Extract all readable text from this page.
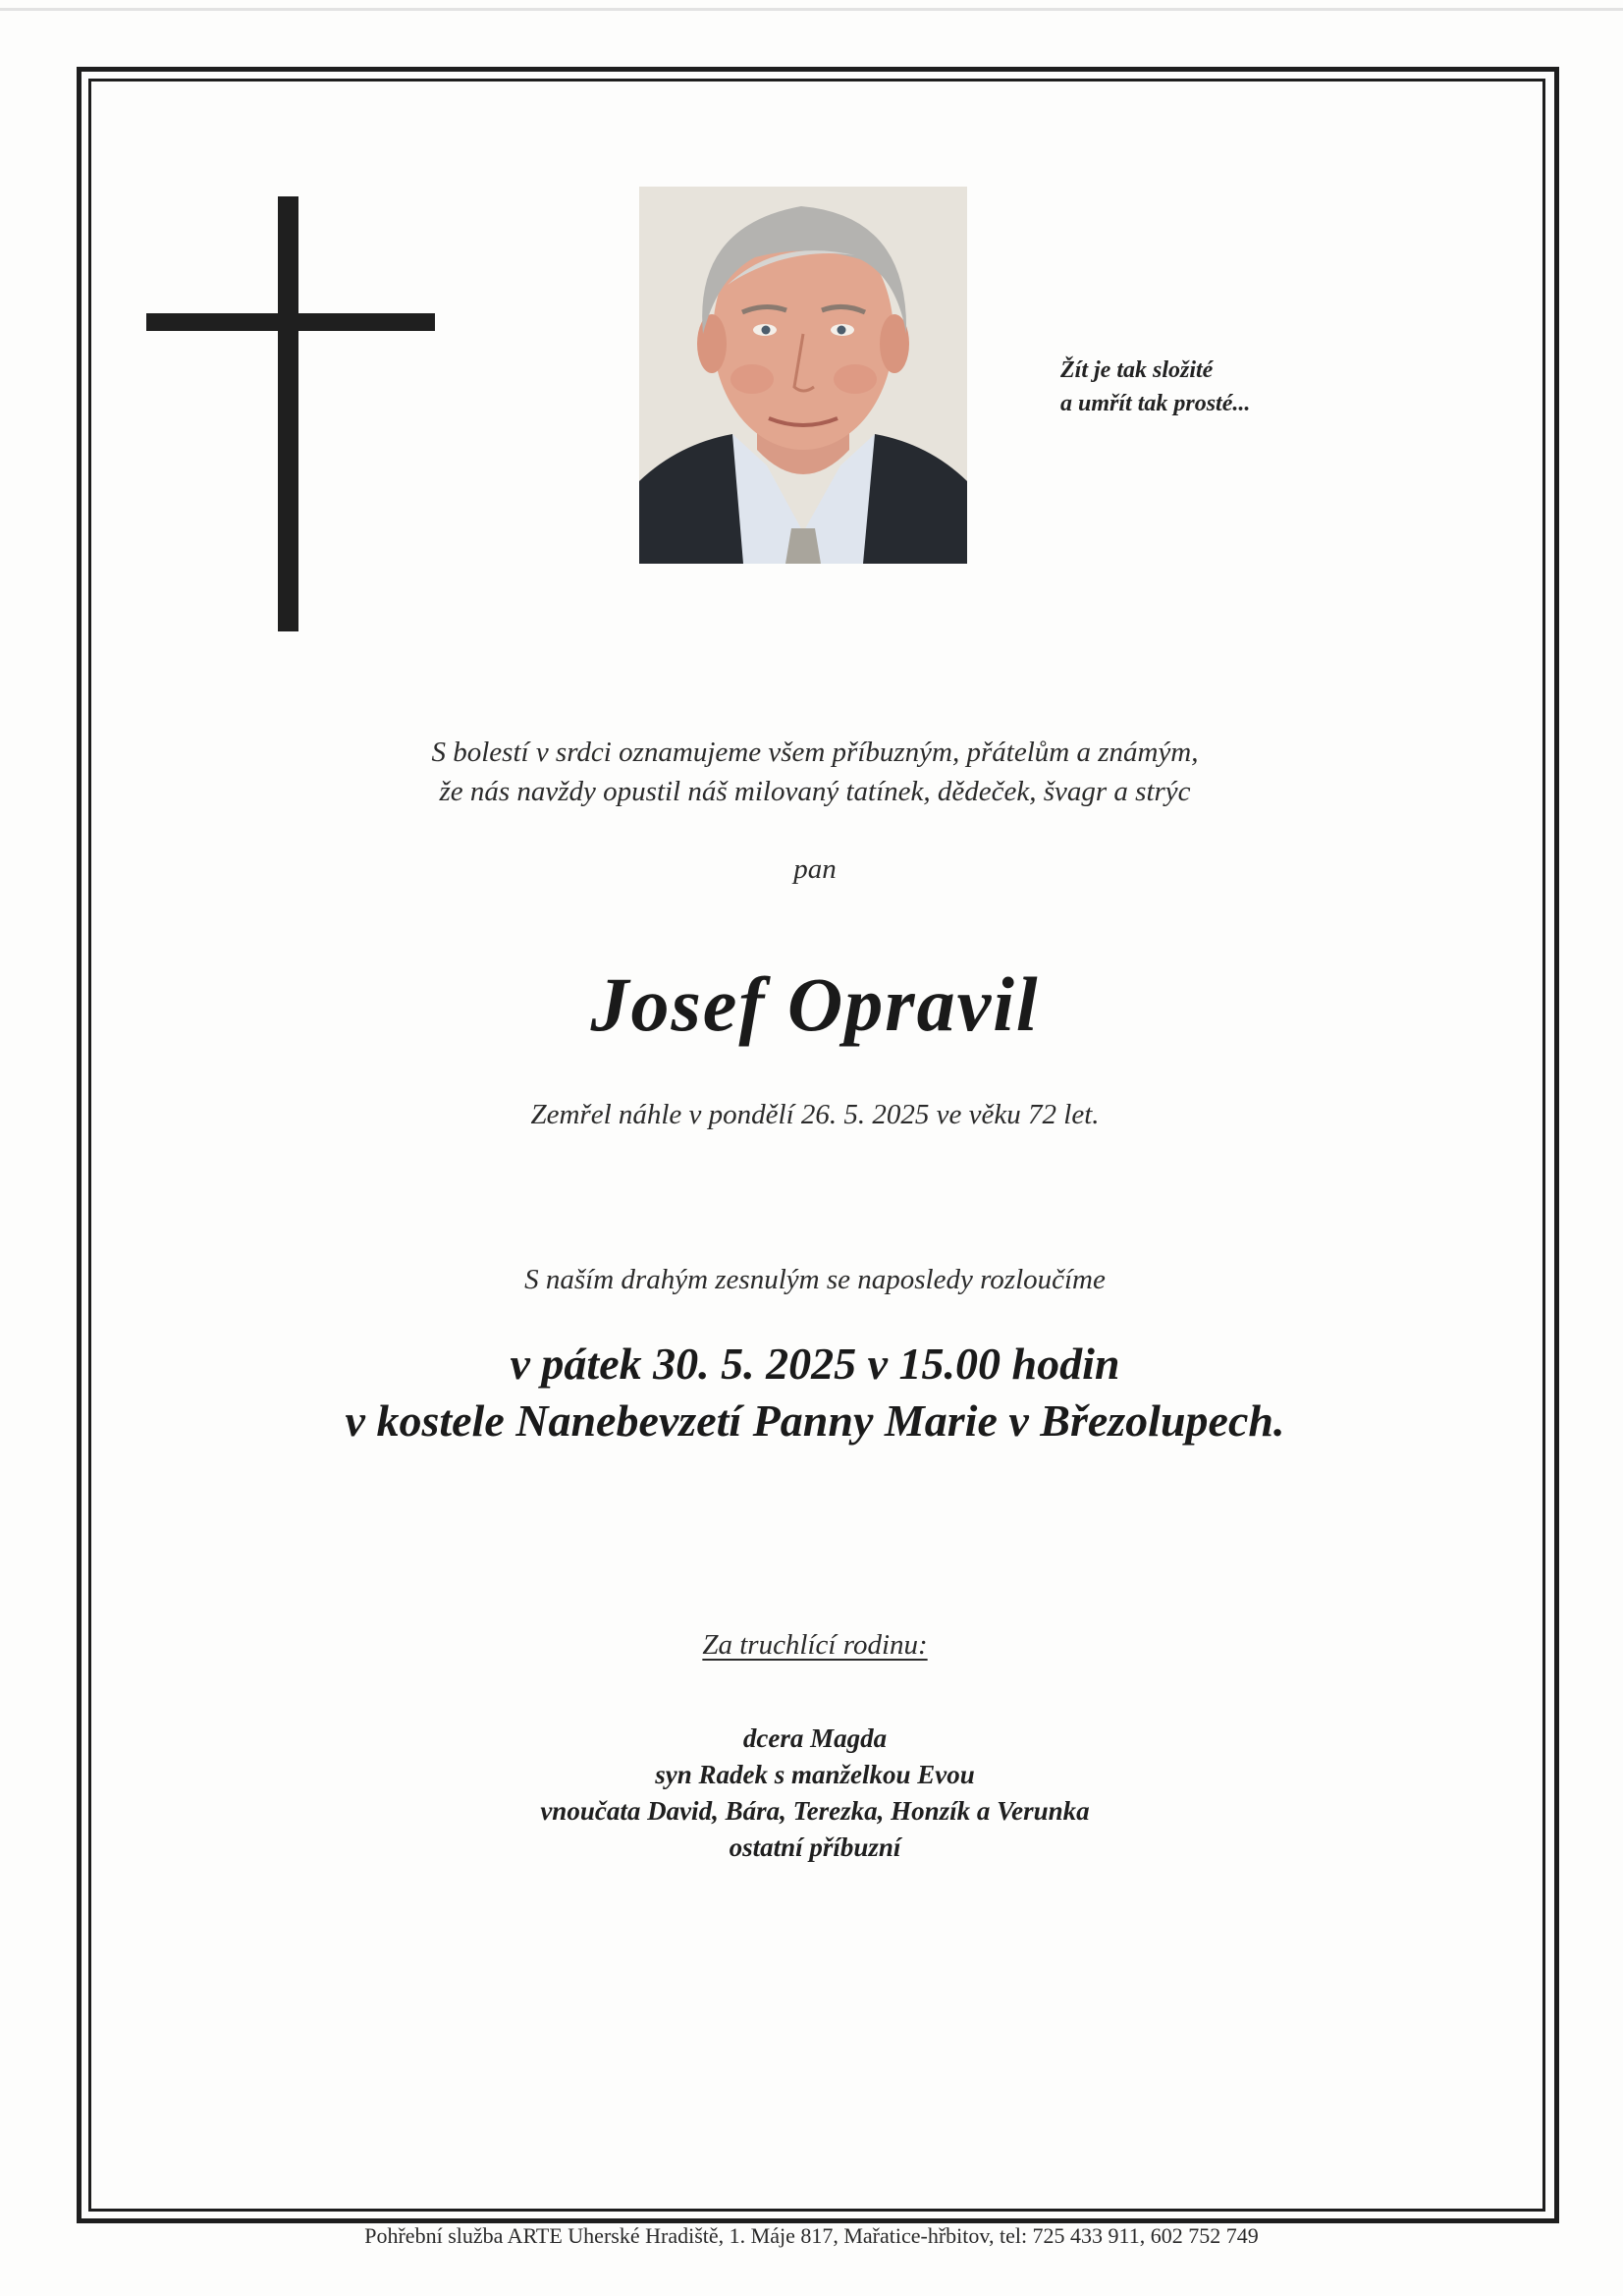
Žít je tak složité
a umřít tak prosté...
S bolestí v srdci oznamujeme všem příbuzným, přátelům a známým,
že nás navždy opustil náš milovaný tatínek, dědeček, švagr a strýc
pan
Josef Opravil
Zemřel náhle v pondělí 26. 5. 2025 ve věku 72 let.
S naším drahým zesnulým se naposledy rozloučíme
v pátek 30. 5. 2025 v 15.00 hodin
v kostele Nanebevzetí Panny Marie v Březolupech.
Za truchlící rodinu:
dcera Magda
syn Radek s manželkou Evou
vnoučata David, Bára, Terezka, Honzík a Verunka
ostatní příbuzní
Pohřební služba ARTE Uherské Hradiště, 1. Máje 817, Mařatice-hřbitov, tel: 725 433 911, 602 752 749
